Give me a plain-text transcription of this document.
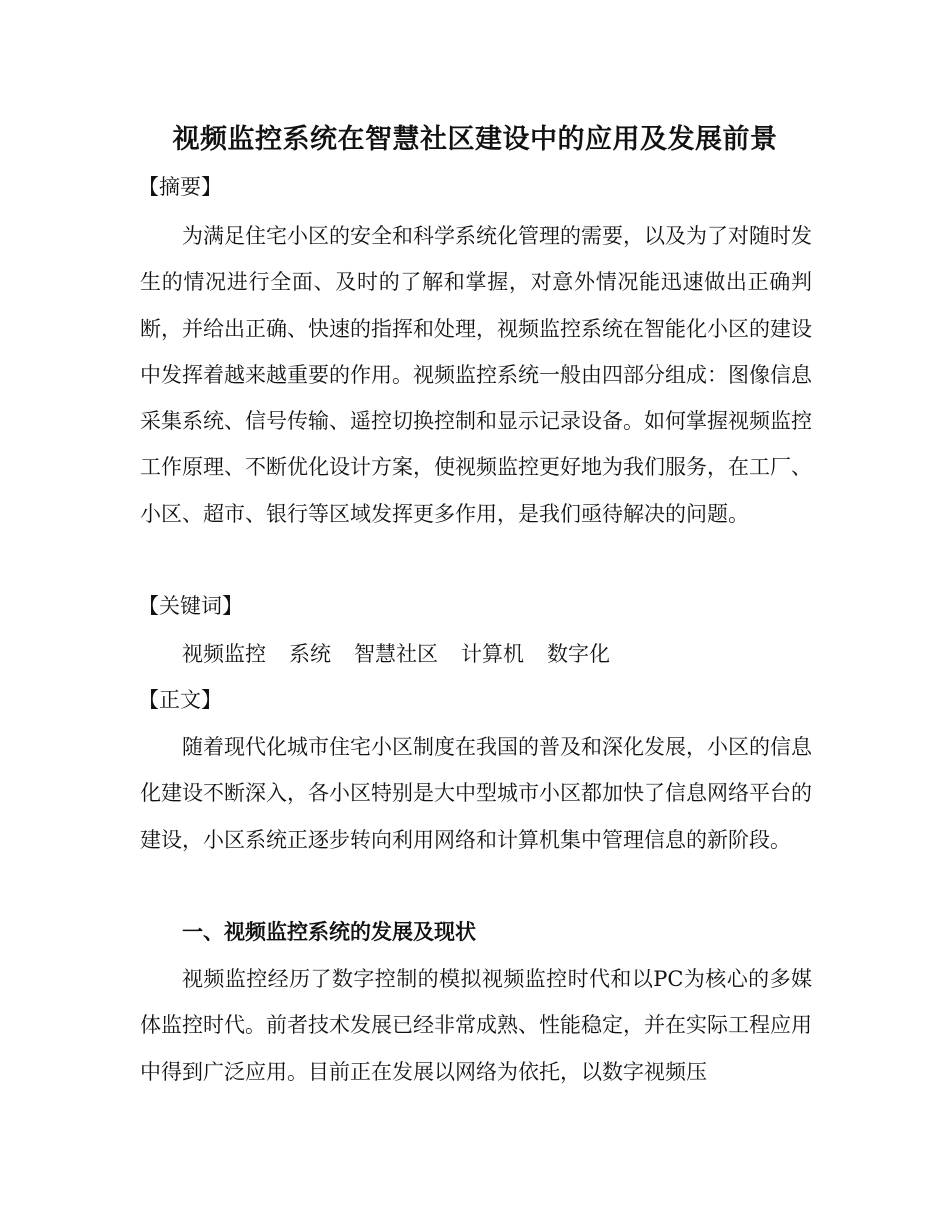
视频监控系统在智慧社区建设中的应用及发展前景

【摘要】

为满足住宅小区的安全和科学系统化管理的需要，以及为了对随时发生的情况进行全面、及时的了解和掌握，对意外情况能迅速做出正确判断，并给出正确、快速的指挥和处理，视频监控系统在智能化小区的建设中发挥着越来越重要的作用。视频监控系统一般由四部分组成：图像信息采集系统、信号传输、遥控切换控制和显示记录设备。如何掌握视频监控工作原理、不断优化设计方案，使视频监控更好地为我们服务，在工厂、小区、超市、银行等区域发挥更多作用，是我们亟待解决的问题。

【关键词】

视频监控 系统 智慧社区 计算机 数字化

【正文】

随着现代化城市住宅小区制度在我国的普及和深化发展，小区的信息化建设不断深入，各小区特别是大中型城市小区都加快了信息网络平台的建设，小区系统正逐步转向利用网络和计算机集中管理信息的新阶段。

一、视频监控系统的发展及现状

视频监控经历了数字控制的模拟视频监控时代和以PC为核心的多媒体监控时代。前者技术发展已经非常成熟、性能稳定，并在实际工程应用中得到广泛应用。目前正在发展以网络为依托，以数字视频压
